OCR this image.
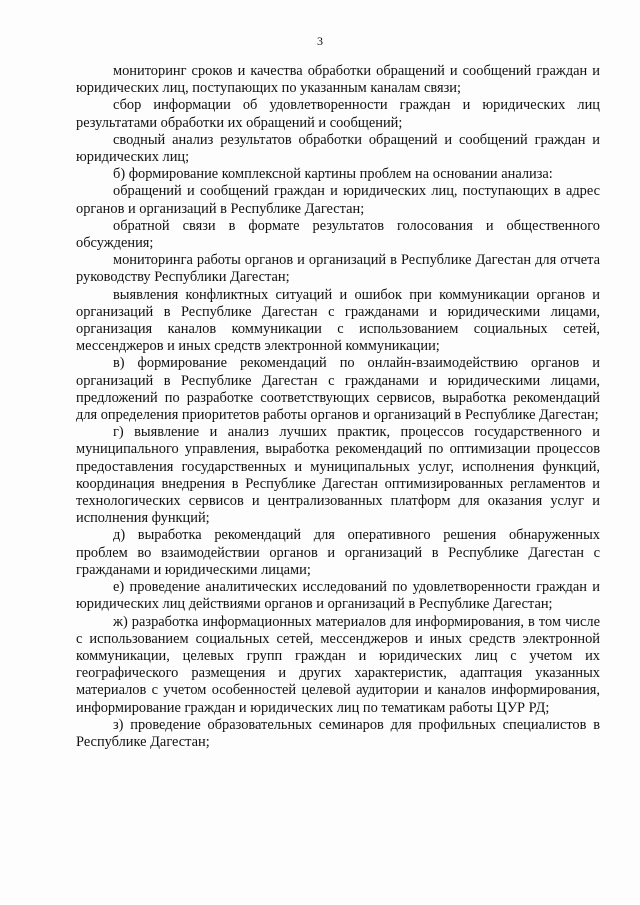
3

мониторинг сроков и качества обработки обращений и сообщений граждан и юридических лиц, поступающих по указанным каналам связи;

сбор информации об удовлетворенности граждан и юридических лиц результатами обработки их обращений и сообщений;

сводный анализ результатов обработки обращений и сообщений граждан и юридических лиц;

б) формирование комплексной картины проблем на основании анализа:

обращений и сообщений граждан и юридических лиц, поступающих в адрес органов и организаций в Республике Дагестан;

обратной связи в формате результатов голосования и общественного обсуждения;

мониторинга работы органов и организаций в Республике Дагестан для отчета руководству Республики Дагестан;

выявления конфликтных ситуаций и ошибок при коммуникации органов и организаций в Республике Дагестан с гражданами и юридическими лицами, организация каналов коммуникации с использованием социальных сетей, мессенджеров и иных средств электронной коммуникации;

в) формирование рекомендаций по онлайн-взаимодействию органов и организаций в Республике Дагестан с гражданами и юридическими лицами, предложений по разработке соответствующих сервисов, выработка рекомендаций для определения приоритетов работы органов и организаций в Республике Дагестан;

г) выявление и анализ лучших практик, процессов государственного и муниципального управления, выработка рекомендаций по оптимизации процессов предоставления государственных и муниципальных услуг, исполнения функций, координация внедрения в Республике Дагестан оптимизированных регламентов и технологических сервисов и централизованных платформ для оказания услуг и исполнения функций;

д) выработка рекомендаций для оперативного решения обнаруженных проблем во взаимодействии органов и организаций в Республике Дагестан с гражданами и юридическими лицами;

е) проведение аналитических исследований по удовлетворенности граждан и юридических лиц действиями органов и организаций в Республике Дагестан;

ж) разработка информационных материалов для информирования, в том числе с использованием социальных сетей, мессенджеров и иных средств электронной коммуникации, целевых групп граждан и юридических лиц с учетом их географического размещения и других характеристик, адаптация указанных материалов с учетом особенностей целевой аудитории и каналов информирования, информирование граждан и юридических лиц по тематикам работы ЦУР РД;

з) проведение образовательных семинаров для профильных специалистов в Республике Дагестан;
